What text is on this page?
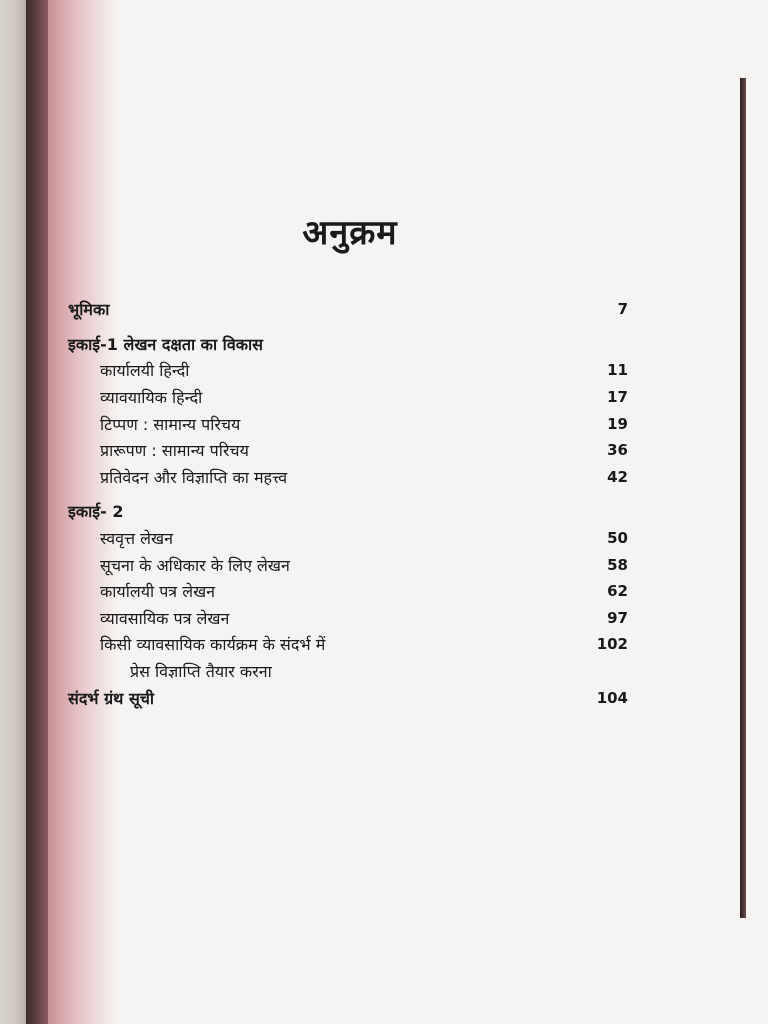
अनुक्रम
भूमिका	7
इकाई-1 लेखन दक्षता का विकास
कार्यालयी हिन्दी	11
व्यावयायिक हिन्दी	17
टिप्पण : सामान्य परिचय	19
प्रारूपण : सामान्य परिचय	36
प्रतिवेदन और विज्ञाप्ति का महत्त्व	42
इकाई- 2
स्ववृत्त लेखन	50
सूचना के अधिकार के लिए लेखन	58
कार्यालयी पत्र लेखन	62
व्यावसायिक पत्र लेखन	97
किसी व्यावसायिक कार्यक्रम के संदर्भ में	102
प्रेस विज्ञाप्ति तैयार करना
संदर्भ ग्रंथ सूची	104
